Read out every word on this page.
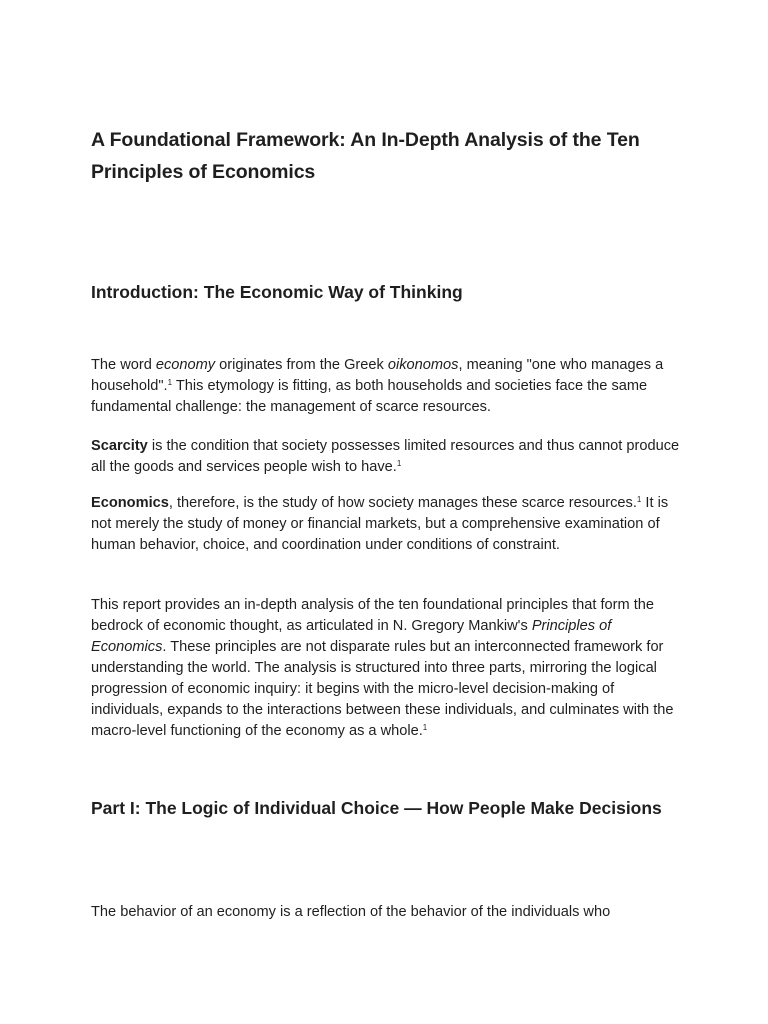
A Foundational Framework: An In-Depth Analysis of the Ten Principles of Economics
Introduction: The Economic Way of Thinking

The word economy originates from the Greek oikonomos, meaning "one who manages a household".$^1$ This etymology is fitting, as both households and societies face the same fundamental challenge: the management of scarce resources.

Scarcity is the condition that society possesses limited resources and thus cannot produce all the goods and services people wish to have.$^1$

Economics, therefore, is the study of how society manages these scarce resources.$^1$ It is not merely the study of money or financial markets, but a comprehensive examination of human behavior, choice, and coordination under conditions of constraint.

This report provides an in-depth analysis of the ten foundational principles that form the bedrock of economic thought, as articulated in N. Gregory Mankiw's Principles of Economics. These principles are not disparate rules but an interconnected framework for understanding the world. The analysis is structured into three parts, mirroring the logical progression of economic inquiry: it begins with the micro-level decision-making of individuals, expands to the interactions between these individuals, and culminates with the macro-level functioning of the economy as a whole.$^1$

Part I: The Logic of Individual Choice — How People Make Decisions

The behavior of an economy is a reflection of the behavior of the individuals who
